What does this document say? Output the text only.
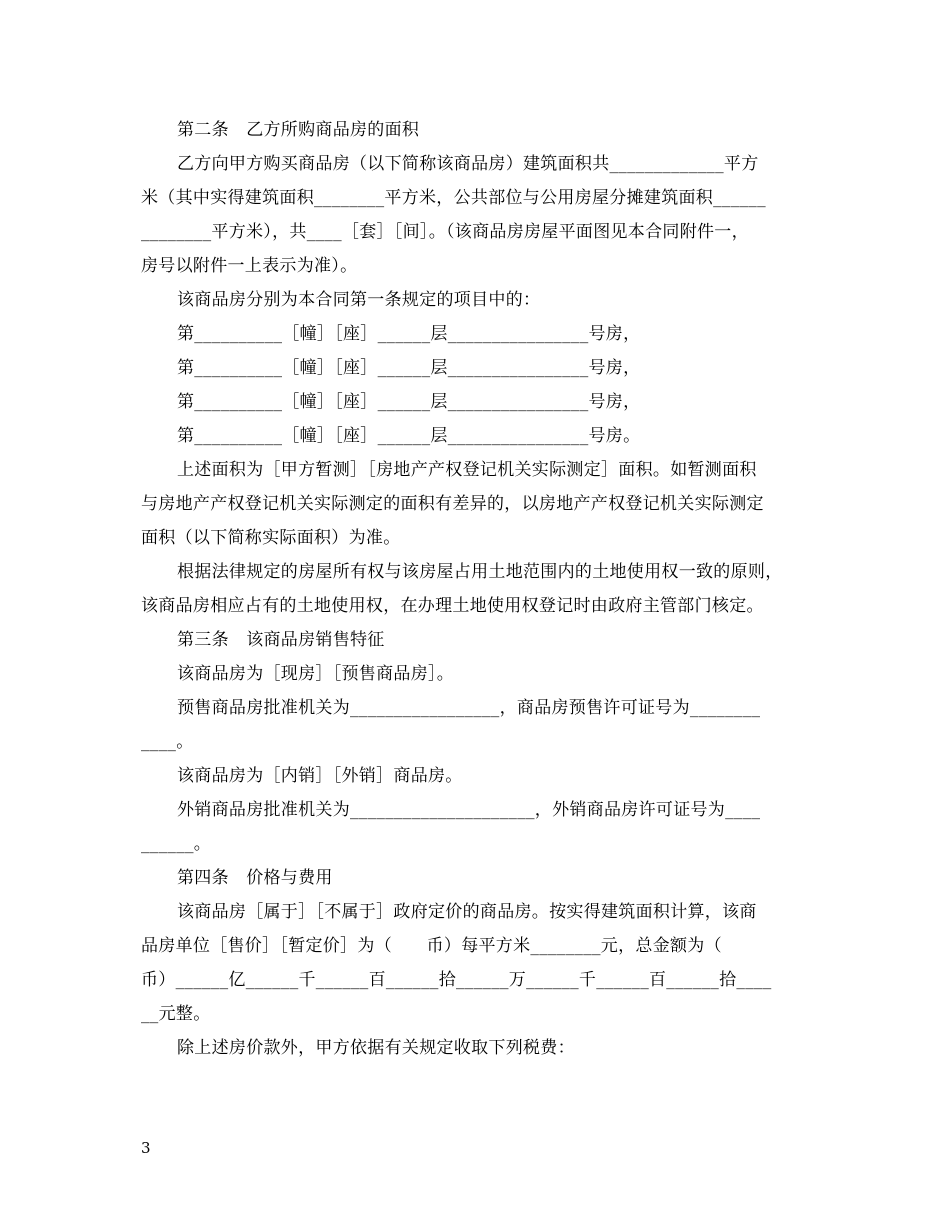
第二条　乙方所购商品房的面积
乙方向甲方购买商品房（以下简称该商品房）建筑面积共_____________平方
米（其中实得建筑面积________平方米，公共部位与公用房屋分摊建筑面积______
________平方米），共____［套］［间］。（该商品房房屋平面图见本合同附件一，
房号以附件一上表示为准）。
该商品房分别为本合同第一条规定的项目中的：
第__________［幢］［座］______层________________号房，
第__________［幢］［座］______层________________号房，
第__________［幢］［座］______层________________号房，
第__________［幢］［座］______层________________号房。
上述面积为［甲方暂测］［房地产产权登记机关实际测定］面积。如暂测面积
与房地产产权登记机关实际测定的面积有差异的，以房地产产权登记机关实际测定
面积（以下简称实际面积）为准。
根据法律规定的房屋所有权与该房屋占用土地范围内的土地使用权一致的原则，
该商品房相应占有的土地使用权，在办理土地使用权登记时由政府主管部门核定。
第三条　该商品房销售特征
该商品房为［现房］［预售商品房］。
预售商品房批准机关为_________________，商品房预售许可证号为________
____。
该商品房为［内销］［外销］商品房。
外销商品房批准机关为_____________________，外销商品房许可证号为____
______。
第四条　价格与费用
该商品房［属于］［不属于］政府定价的商品房。按实得建筑面积计算，该商
品房单位［售价］［暂定价］为（　　币）每平方米________元，总金额为（
币）______亿______千______百______拾______万______千______百______拾____
__元整。
除上述房价款外，甲方依据有关规定收取下列税费：
3
